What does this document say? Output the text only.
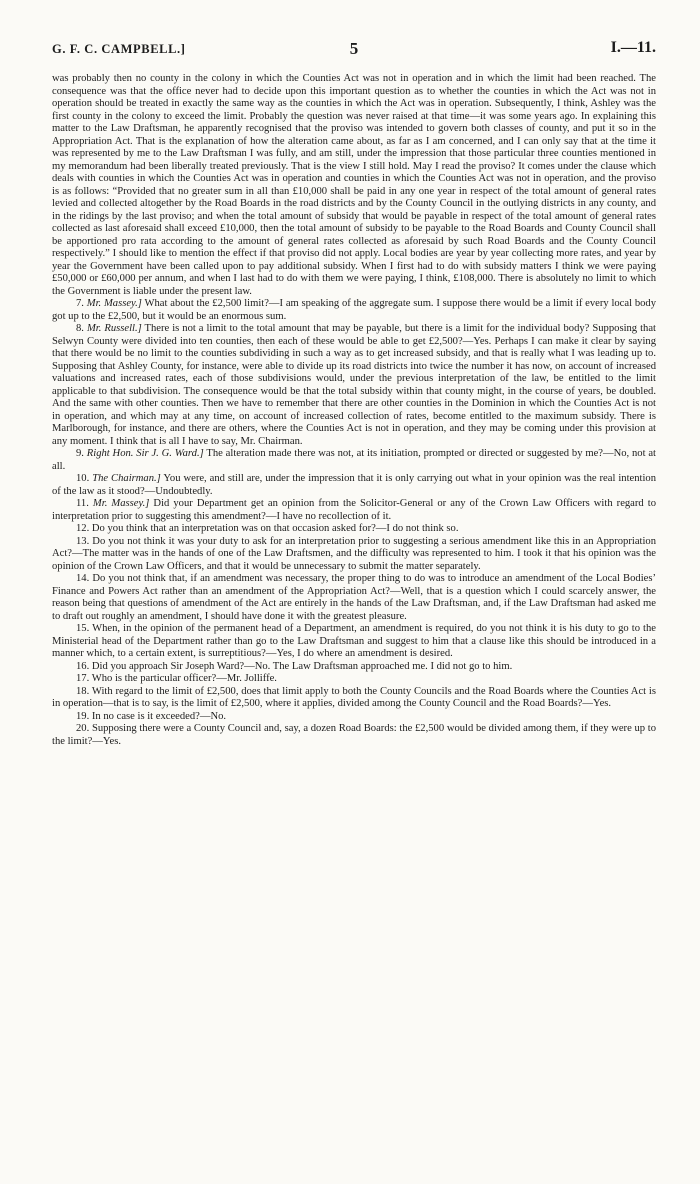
G. F. C. CAMPBELL.]	5	I.—11.

was probably then no county in the colony in which the Counties Act was not in operation and in which the limit had been reached. The consequence was that the office never had to decide upon this important question as to whether the counties in which the Act was not in operation should be treated in exactly the same way as the counties in which the Act was in operation. Subsequently, I think, Ashley was the first county in the colony to exceed the limit. Probably the question was never raised at that time—it was some years ago. In explaining this matter to the Law Draftsman, he apparently recognised that the proviso was intended to govern both classes of county, and put it so in the Appropriation Act. That is the explanation of how the alteration came about, as far as I am concerned, and I can only say that at the time it was represented by me to the Law Draftsman I was fully, and am still, under the impression that those particular three counties mentioned in my memorandum had been liberally treated previously. That is the view I still hold. May I read the proviso? It comes under the clause which deals with counties in which the Counties Act was in operation and counties in which the Counties Act was not in operation, and the proviso is as follows: “Provided that no greater sum in all than £10,000 shall be paid in any one year in respect of the total amount of general rates levied and collected altogether by the Road Boards in the road districts and by the County Council in the outlying districts in any county, and in the ridings by the last proviso; and when the total amount of subsidy that would be payable in respect of the total amount of general rates collected as last aforesaid shall exceed £10,000, then the total amount of subsidy to be payable to the Road Boards and County Council shall be apportioned pro rata according to the amount of general rates collected as aforesaid by such Road Boards and the County Council respectively.” I should like to mention the effect if that proviso did not apply. Local bodies are year by year collecting more rates, and year by year the Government have been called upon to pay additional subsidy. When I first had to do with subsidy matters I think we were paying £50,000 or £60,000 per annum, and when I last had to do with them we were paying, I think, £108,000. There is absolutely no limit to which the Government is liable under the present law.

7. Mr. Massey.] What about the £2,500 limit?—I am speaking of the aggregate sum. I suppose there would be a limit if every local body got up to the £2,500, but it would be an enormous sum.

8. Mr. Russell.] There is not a limit to the total amount that may be payable, but there is a limit for the individual body? Supposing that Selwyn County were divided into ten counties, then each of these would be able to get £2,500?—Yes. Perhaps I can make it clear by saying that there would be no limit to the counties subdividing in such a way as to get increased subsidy, and that is really what I was leading up to. Supposing that Ashley County, for instance, were able to divide up its road districts into twice the number it has now, on account of increased valuations and increased rates, each of those subdivisions would, under the previous interpretation of the law, be entitled to the limit applicable to that subdivision. The consequence would be that the total subsidy within that county might, in the course of years, be doubled. And the same with other counties. Then we have to remember that there are other counties in the Dominion in which the Counties Act is not in operation, and which may at any time, on account of increased collection of rates, become entitled to the maximum subsidy. There is Marlborough, for instance, and there are others, where the Counties Act is not in operation, and they may be coming under this provision at any moment. I think that is all I have to say, Mr. Chairman.

9. Right Hon. Sir J. G. Ward.] The alteration made there was not, at its initiation, prompted or directed or suggested by me?—No, not at all.

10. The Chairman.] You were, and still are, under the impression that it is only carrying out what in your opinion was the real intention of the law as it stood?—Undoubtedly.

11. Mr. Massey.] Did your Department get an opinion from the Solicitor-General or any of the Crown Law Officers with regard to interpretation prior to suggesting this amendment?—I have no recollection of it.

12. Do you think that an interpretation was on that occasion asked for?—I do not think so.

13. Do you not think it was your duty to ask for an interpretation prior to suggesting a serious amendment like this in an Appropriation Act?—The matter was in the hands of one of the Law Draftsmen, and the difficulty was represented to him. I took it that his opinion was the opinion of the Crown Law Officers, and that it would be unnecessary to submit the matter separately.

14. Do you not think that, if an amendment was necessary, the proper thing to do was to introduce an amendment of the Local Bodies’ Finance and Powers Act rather than an amendment of the Appropriation Act?—Well, that is a question which I could scarcely answer, the reason being that questions of amendment of the Act are entirely in the hands of the Law Draftsman, and, if the Law Draftsman had asked me to draft out roughly an amendment, I should have done it with the greatest pleasure.

15. When, in the opinion of the permanent head of a Department, an amendment is required, do you not think it is his duty to go to the Ministerial head of the Department rather than go to the Law Draftsman and suggest to him that a clause like this should be introduced in a manner which, to a certain extent, is surreptitious?—Yes, I do where an amendment is desired.

16. Did you approach Sir Joseph Ward?—No. The Law Draftsman approached me. I did not go to him.

17. Who is the particular officer?—Mr. Jolliffe.

18. With regard to the limit of £2,500, does that limit apply to both the County Councils and the Road Boards where the Counties Act is in operation—that is to say, is the limit of £2,500, where it applies, divided among the County Council and the Road Boards?—Yes.

19. In no case is it exceeded?—No.

20. Supposing there were a County Council and, say, a dozen Road Boards: the £2,500 would be divided among them, if they were up to the limit?—Yes.
